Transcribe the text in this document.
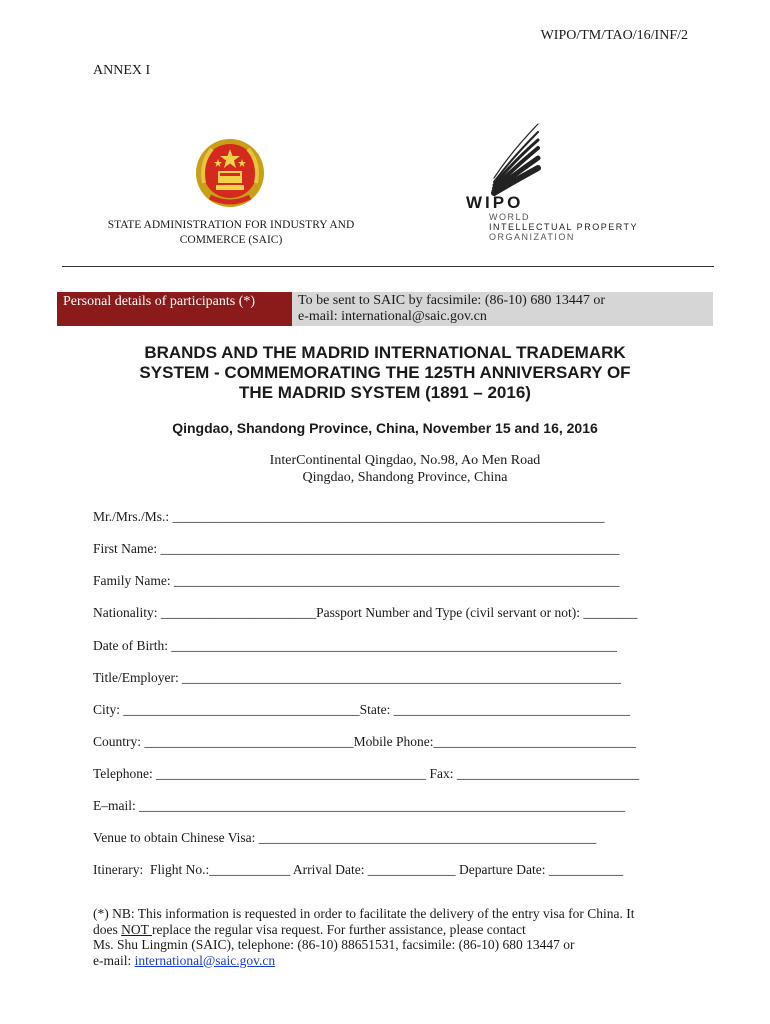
WIPO/TM/TAO/16/INF/2
ANNEX I
STATE ADMINISTRATION FOR INDUSTRY AND
COMMERCE (SAIC)
WIPO
WORLD
INTELLECTUAL PROPERTY
ORGANIZATION
Personal details of participants (*)	To be sent to SAIC by facsimile: (86-10) 680 13447 or
e-mail: international@saic.gov.cn
BRANDS AND THE MADRID INTERNATIONAL TRADEMARK
SYSTEM - COMMEMORATING THE 125TH ANNIVERSARY OF
THE MADRID SYSTEM (1891 – 2016)
Qingdao, Shandong Province, China, November 15 and 16, 2016
InterContinental Qingdao, No.98, Ao Men Road
Qingdao, Shandong Province, China
Mr./Mrs./Ms.: ________________________________________________________________
First Name: ____________________________________________________________________
Family Name: __________________________________________________________________
Nationality: _______________________Passport Number and Type (civil servant or not): ________
Date of Birth: __________________________________________________________________
Title/Employer: _________________________________________________________________
City: ___________________________________State: ___________________________________
Country: _______________________________Mobile Phone:______________________________
Telephone: ________________________________________ Fax: ___________________________
E–mail: ________________________________________________________________________
Venue to obtain Chinese Visa: __________________________________________________
Itinerary:  Flight No.:____________ Arrival Date: _____________ Departure Date: ___________
(*) NB: This information is requested in order to facilitate the delivery of the entry visa for China. It
does NOT replace the regular visa request. For further assistance, please contact
Ms. Shu Lingmin (SAIC), telephone: (86-10) 88651531, facsimile: (86-10) 680 13447 or
e-mail: international@saic.gov.cn
